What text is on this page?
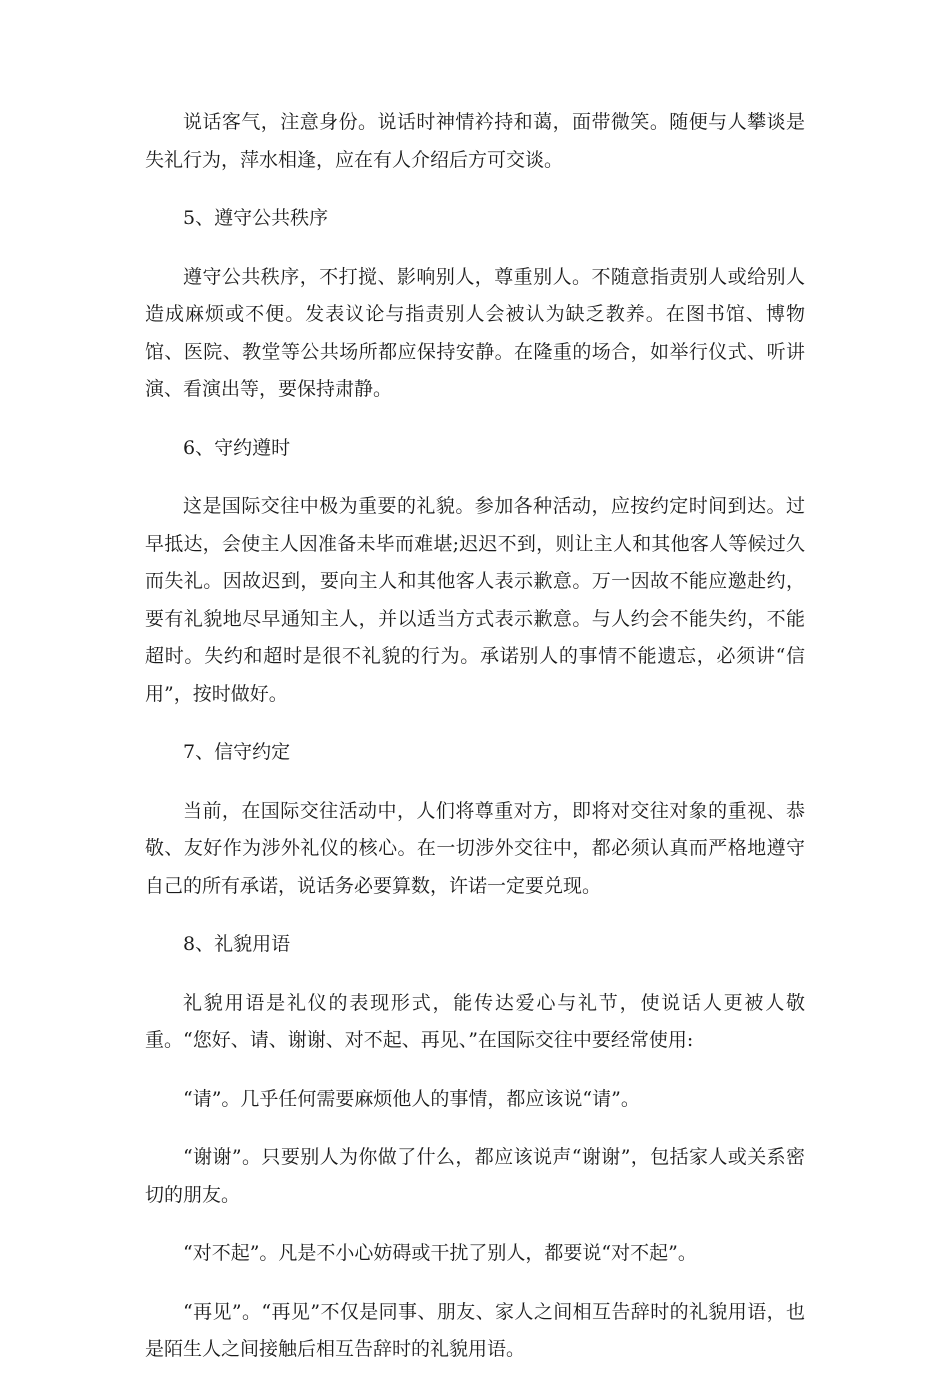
说话客气，注意身份。说话时神情衿持和蔼，面带微笑。随便与人攀谈是失礼行为，萍水相逢，应在有人介绍后方可交谈。

5、遵守公共秩序

遵守公共秩序，不打搅、影响别人，尊重别人。不随意指责别人或给别人造成麻烦或不便。发表议论与指责别人会被认为缺乏教养。在图书馆、博物馆、医院、教堂等公共场所都应保持安静。在隆重的场合，如举行仪式、听讲演、看演出等，要保持肃静。

6、守约遵时

这是国际交往中极为重要的礼貌。参加各种活动，应按约定时间到达。过早抵达，会使主人因准备未毕而难堪;迟迟不到，则让主人和其他客人等候过久而失礼。因故迟到，要向主人和其他客人表示歉意。万一因故不能应邀赴约，要有礼貌地尽早通知主人，并以适当方式表示歉意。与人约会不能失约，不能超时。失约和超时是很不礼貌的行为。承诺别人的事情不能遗忘，必须讲“信用”，按时做好。

7、信守约定

当前，在国际交往活动中，人们将尊重对方，即将对交往对象的重视、恭敬、友好作为涉外礼仪的核心。在一切涉外交往中，都必须认真而严格地遵守自己的所有承诺，说话务必要算数，许诺一定要兑现。

8、礼貌用语

礼貌用语是礼仪的表现形式，能传达爱心与礼节，使说话人更被人敬重。“您好、请、谢谢、对不起、再见、”在国际交往中要经常使用:

“请”。几乎任何需要麻烦他人的事情，都应该说“请”。

“谢谢”。只要别人为你做了什么，都应该说声“谢谢”，包括家人或关系密切的朋友。

“对不起”。凡是不小心妨碍或干扰了别人，都要说“对不起”。

“再见”。“再见”不仅是同事、朋友、家人之间相互告辞时的礼貌用语，也是陌生人之间接触后相互告辞时的礼貌用语。
